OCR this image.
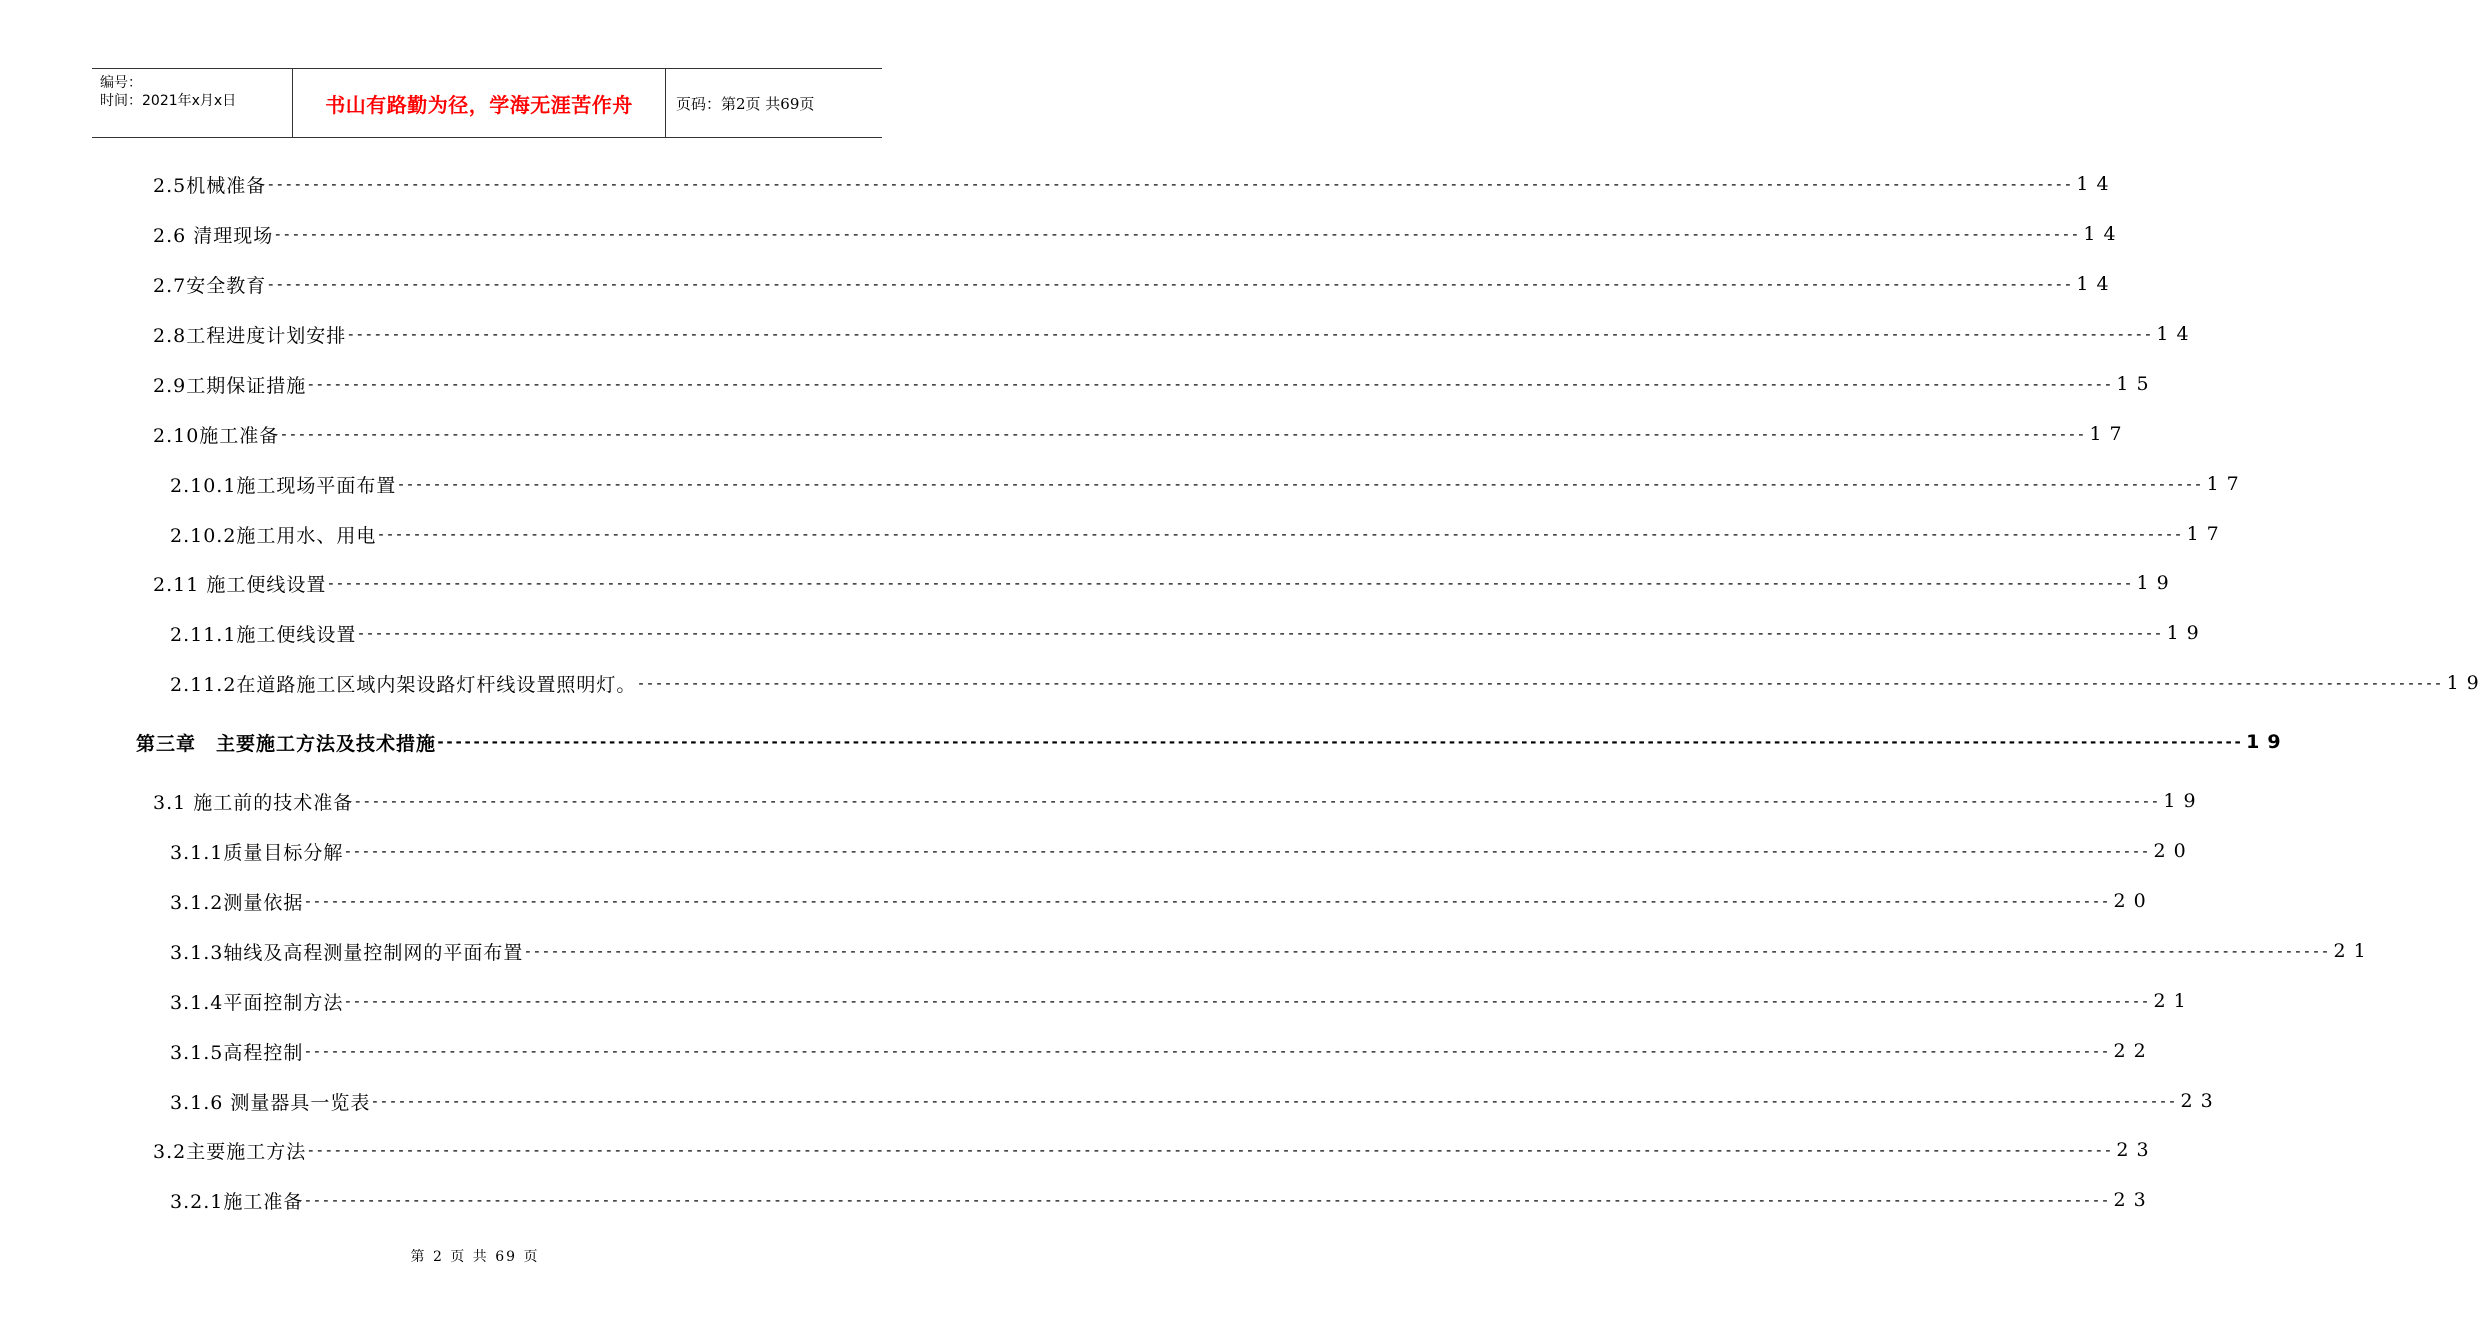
编号：
时间：2021年x月x日	书山有路勤为径，学海无涯苦作舟	页码：第2页 共69页
2.5机械准备 -------------------------------------------------------------------------------------------------------------------------------------------------------------------------------------------------------- 14
2.6 清理现场 -------------------------------------------------------------------------------------------------------------------------------------------------------------------------------------------------------- 14
2.7安全教育 -------------------------------------------------------------------------------------------------------------------------------------------------------------------------------------------------------- 14
2.8工程进度计划安排 -------------------------------------------------------------------------------------------------------------------------------------------------------------------------------------------------------- 14
2.9工期保证措施 -------------------------------------------------------------------------------------------------------------------------------------------------------------------------------------------------------- 15
2.10施工准备 -------------------------------------------------------------------------------------------------------------------------------------------------------------------------------------------------------- 17
2.10.1施工现场平面布置 -------------------------------------------------------------------------------------------------------------------------------------------------------------------------------------------------------- 17
2.10.2施工用水、用电 -------------------------------------------------------------------------------------------------------------------------------------------------------------------------------------------------------- 17
2.11 施工便线设置 -------------------------------------------------------------------------------------------------------------------------------------------------------------------------------------------------------- 19
2.11.1施工便线设置 -------------------------------------------------------------------------------------------------------------------------------------------------------------------------------------------------------- 19
2.11.2在道路施工区域内架设路灯杆线设置照明灯。 -------------------------------------------------------------------------------------------------------------------------------------------------------------------------------------------------------- 19
第三章　主要施工方法及技术措施 -------------------------------------------------------------------------------------------------------------------------------------------------------------------------------------------------------- 19
3.1 施工前的技术准备 -------------------------------------------------------------------------------------------------------------------------------------------------------------------------------------------------------- 19
3.1.1质量目标分解 -------------------------------------------------------------------------------------------------------------------------------------------------------------------------------------------------------- 20
3.1.2测量依据 -------------------------------------------------------------------------------------------------------------------------------------------------------------------------------------------------------- 20
3.1.3轴线及高程测量控制网的平面布置 -------------------------------------------------------------------------------------------------------------------------------------------------------------------------------------------------------- 21
3.1.4平面控制方法 -------------------------------------------------------------------------------------------------------------------------------------------------------------------------------------------------------- 21
3.1.5高程控制 -------------------------------------------------------------------------------------------------------------------------------------------------------------------------------------------------------- 22
3.1.6 测量器具一览表 -------------------------------------------------------------------------------------------------------------------------------------------------------------------------------------------------------- 23
3.2主要施工方法 -------------------------------------------------------------------------------------------------------------------------------------------------------------------------------------------------------- 23
3.2.1施工准备 -------------------------------------------------------------------------------------------------------------------------------------------------------------------------------------------------------- 23
第 2 页 共 69 页
